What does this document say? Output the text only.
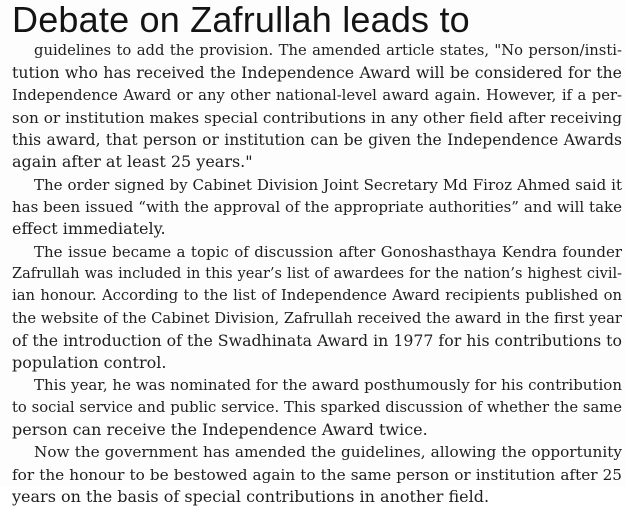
Debate on Zafrullah leads to
guidelines to add the provision. The amended article states, "No person/insti-
tution who has received the Independence Award will be considered for the
Independence Award or any other national-level award again. However, if a per-
son or institution makes special contributions in any other field after receiving
this award, that person or institution can be given the Independence Awards
again after at least 25 years."
The order signed by Cabinet Division Joint Secretary Md Firoz Ahmed said it
has been issued “with the approval of the appropriate authorities” and will take
effect immediately.
The issue became a topic of discussion after Gonoshasthaya Kendra founder
Zafrullah was included in this year’s list of awardees for the nation’s highest civil-
ian honour. According to the list of Independence Award recipients published on
the website of the Cabinet Division, Zafrullah received the award in the first year
of the introduction of the Swadhinata Award in 1977 for his contributions to
population control.
This year, he was nominated for the award posthumously for his contribution
to social service and public service. This sparked discussion of whether the same
person can receive the Independence Award twice.
Now the government has amended the guidelines, allowing the opportunity
for the honour to be bestowed again to the same person or institution after 25
years on the basis of special contributions in another field.
